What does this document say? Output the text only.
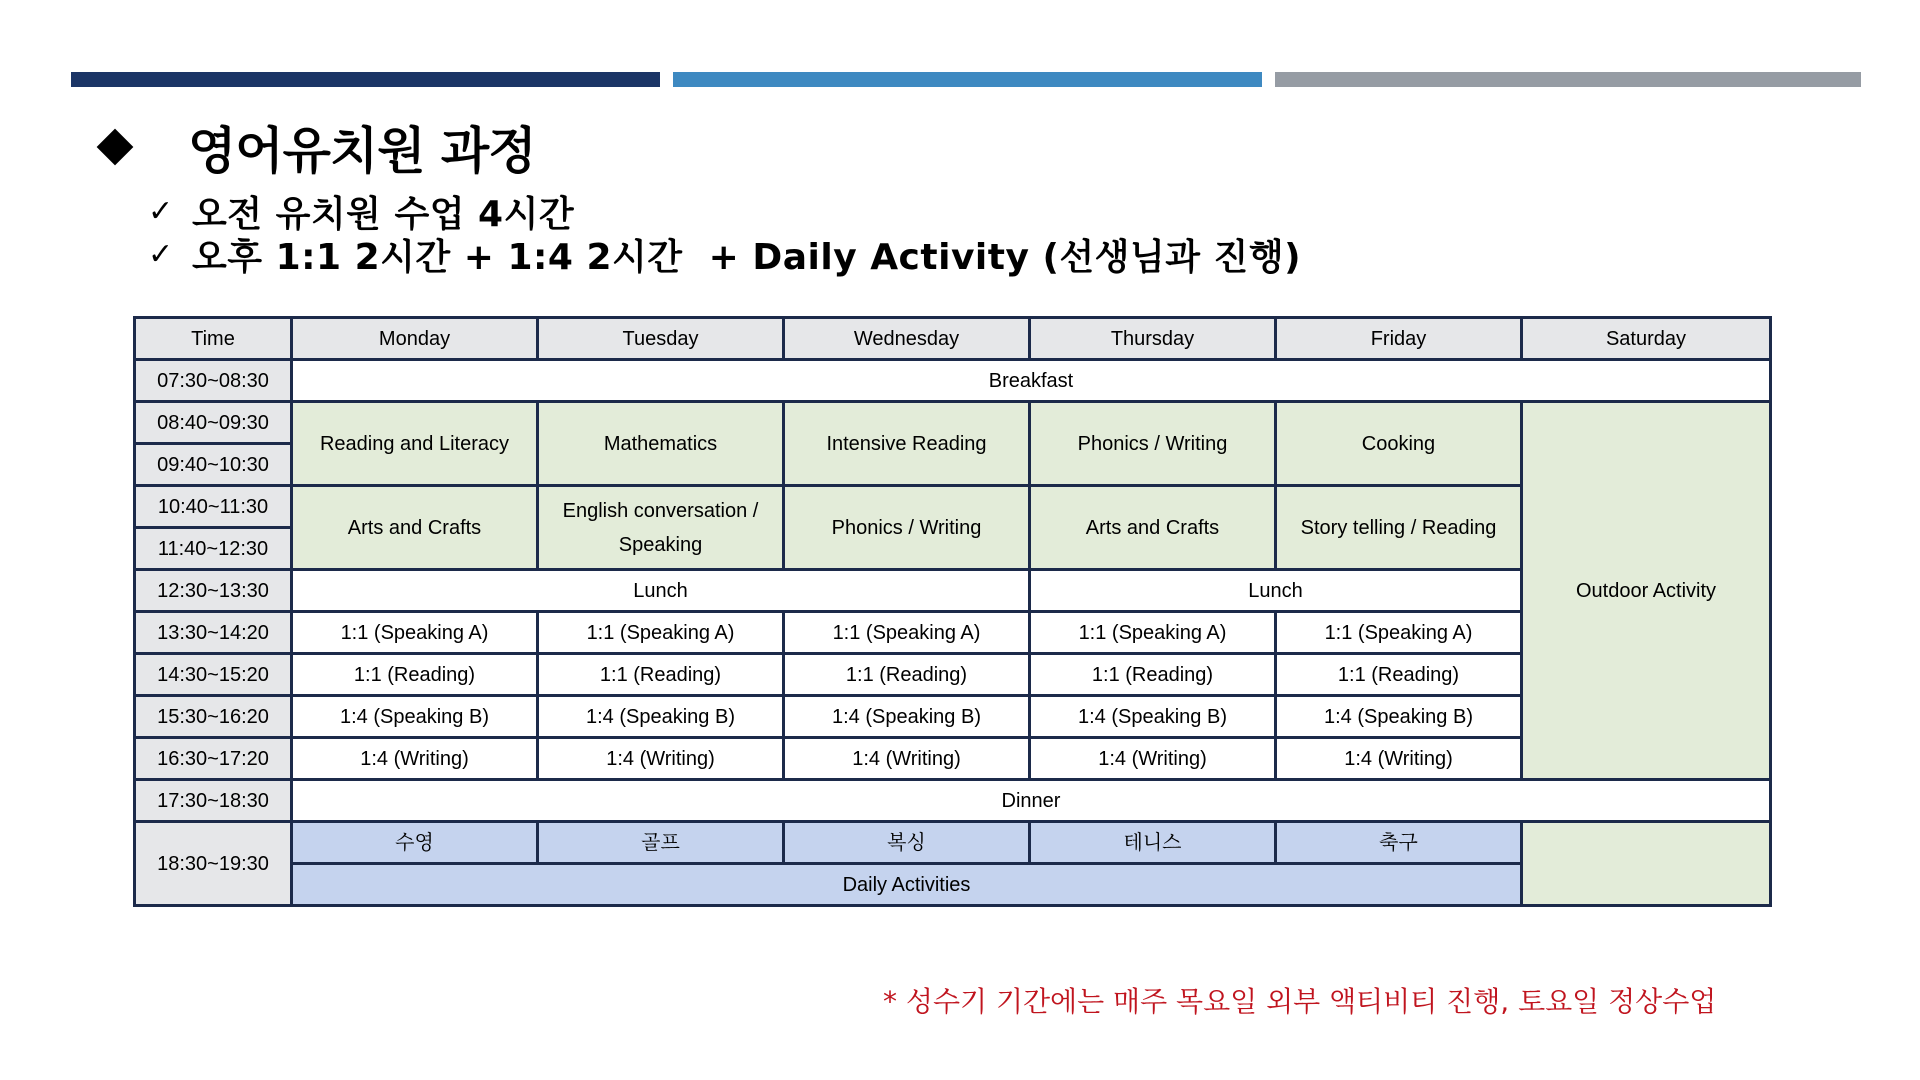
영어유치원 과정
✓ 오전 유치원 수업 4시간
✓ 오후 1:1 2시간 + 1:4 2시간  + Daily Activity (선생님과 진행)
Time	Monday	Tuesday	Wednesday	Thursday	Friday	Saturday
07:30~08:30	Breakfast					
08:40~09:30	Reading and Literacy	Mathematics	Intensive Reading	Phonics / Writing	Cooking	Outdoor Activity
09:40~10:30						
10:40~11:30	Arts and Crafts	English conversation / Speaking	Phonics / Writing	Arts and Crafts	Story telling / Reading	
11:40~12:30						
12:30~13:30	Lunch			Lunch		
13:30~14:20	1:1 (Speaking A)	1:1 (Speaking A)	1:1 (Speaking A)	1:1 (Speaking A)	1:1 (Speaking A)	
14:30~15:20	1:1 (Reading)	1:1 (Reading)	1:1 (Reading)	1:1 (Reading)	1:1 (Reading)	
15:30~16:20	1:4 (Speaking B)	1:4 (Speaking B)	1:4 (Speaking B)	1:4 (Speaking B)	1:4 (Speaking B)	
16:30~17:20	1:4 (Writing)	1:4 (Writing)	1:4 (Writing)	1:4 (Writing)	1:4 (Writing)	
17:30~18:30	Dinner					
18:30~19:30	수영	골프	복싱	테니스	축구	
	Daily Activities					
* 성수기 기간에는 매주 목요일 외부 액티비티 진행, 토요일 정상수업
